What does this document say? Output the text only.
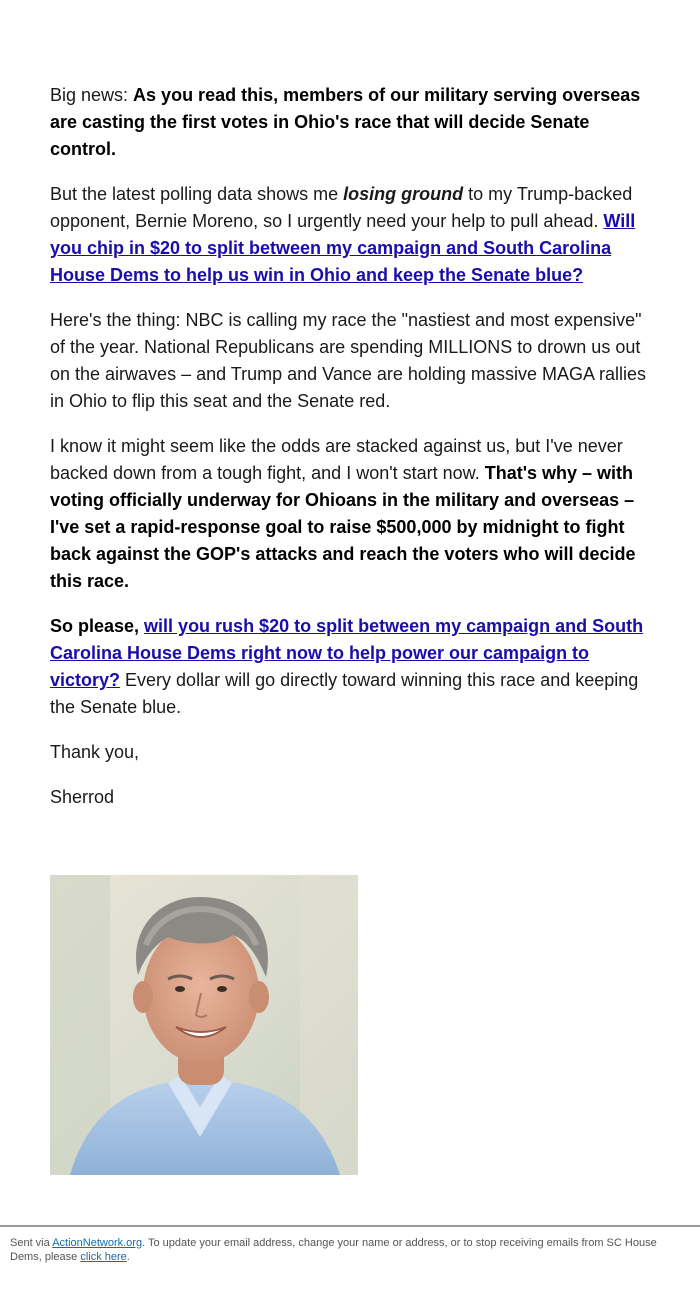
Big news: As you read this, members of our military serving overseas are casting the first votes in Ohio's race that will decide Senate control.

But the latest polling data shows me losing ground to my Trump-backed opponent, Bernie Moreno, so I urgently need your help to pull ahead. Will you chip in $20 to split between my campaign and South Carolina House Dems to help us win in Ohio and keep the Senate blue?

Here's the thing: NBC is calling my race the "nastiest and most expensive" of the year. National Republicans are spending MILLIONS to drown us out on the airwaves – and Trump and Vance are holding massive MAGA rallies in Ohio to flip this seat and the Senate red.

I know it might seem like the odds are stacked against us, but I've never backed down from a tough fight, and I won't start now. That's why – with voting officially underway for Ohioans in the military and overseas – I've set a rapid-response goal to raise $500,000 by midnight to fight back against the GOP's attacks and reach the voters who will decide this race.

So please, will you rush $20 to split between my campaign and South Carolina House Dems right now to help power our campaign to victory? Every dollar will go directly toward winning this race and keeping the Senate blue.

Thank you,

Sherrod

Sent via ActionNetwork.org. To update your email address, change your name or address, or to stop receiving emails from SC House Dems, please click here.
